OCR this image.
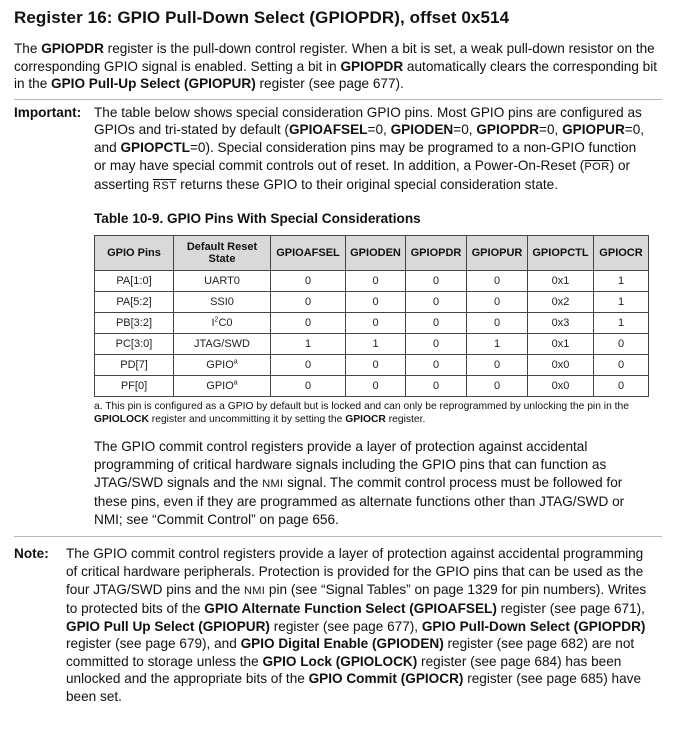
Register 16: GPIO Pull-Down Select (GPIOPDR), offset 0x514

The GPIOPDR register is the pull-down control register. When a bit is set, a weak pull-down resistor on the corresponding GPIO signal is enabled. Setting a bit in GPIOPDR automatically clears the corresponding bit in the GPIO Pull-Up Select (GPIOPUR) register (see page 677).

Important: The table below shows special consideration GPIO pins. Most GPIO pins are configured as GPIOs and tri-stated by default (GPIOAFSEL=0, GPIODEN=0, GPIOPDR=0, GPIOPUR=0, and GPIOPCTL=0). Special consideration pins may be programed to a non-GPIO function or may have special commit controls out of reset. In addition, a Power-On-Reset $(\overline{POR})$ or asserting $\overline{RST}$ returns these GPIO to their original special consideration state.
Table 10-9. GPIO Pins With Special Considerations
GPIO Pins	Default Reset State	GPIOAFSEL	GPIODEN	GPIOPDR	GPIOPUR	GPIOPCTL	GPIOCR
PA[1:0]	UART0	0	0	0	0	0x1	1
PA[5:2]	SSI0	0	0	0	0	0x2	1
PB[3:2]	$I^2C0$	0	0	0	0	0x3	1
PC[3:0]	JTAG/SWD	1	1	0	1	0x1	0
PD[7]	GPIO$^a$	0	0	0	0	0x0	0
PF[0]	GPIO$^a$	0	0	0	0	0x0	0
a. This pin is configured as a GPIO by default but is locked and can only be reprogrammed by unlocking the pin in the GPIOLOCK register and uncommitting it by setting the GPIOCR register.
The GPIO commit control registers provide a layer of protection against accidental programming of critical hardware signals including the GPIO pins that can function as JTAG/SWD signals and the NMI signal. The commit control process must be followed for these pins, even if they are programmed as alternate functions other than JTAG/SWD or NMI; see “Commit Control” on page 656.
Note:	The GPIO commit control registers provide a layer of protection against accidental programming of critical hardware peripherals. Protection is provided for the GPIO pins that can be used as the four JTAG/SWD pins and the NMI pin (see “Signal Tables” on page 1329 for pin numbers). Writes to protected bits of the GPIO Alternate Function Select (GPIOAFSEL) register (see page 671), GPIO Pull Up Select (GPIOPUR) register (see page 677), GPIO Pull-Down Select (GPIOPDR) register (see page 679), and GPIO Digital Enable (GPIODEN) register (see page 682) are not committed to storage unless the GPIO Lock (GPIOLOCK) register (see page 684) has been unlocked and the appropriate bits of the GPIO Commit (GPIOCR) register (see page 685) have been set.
